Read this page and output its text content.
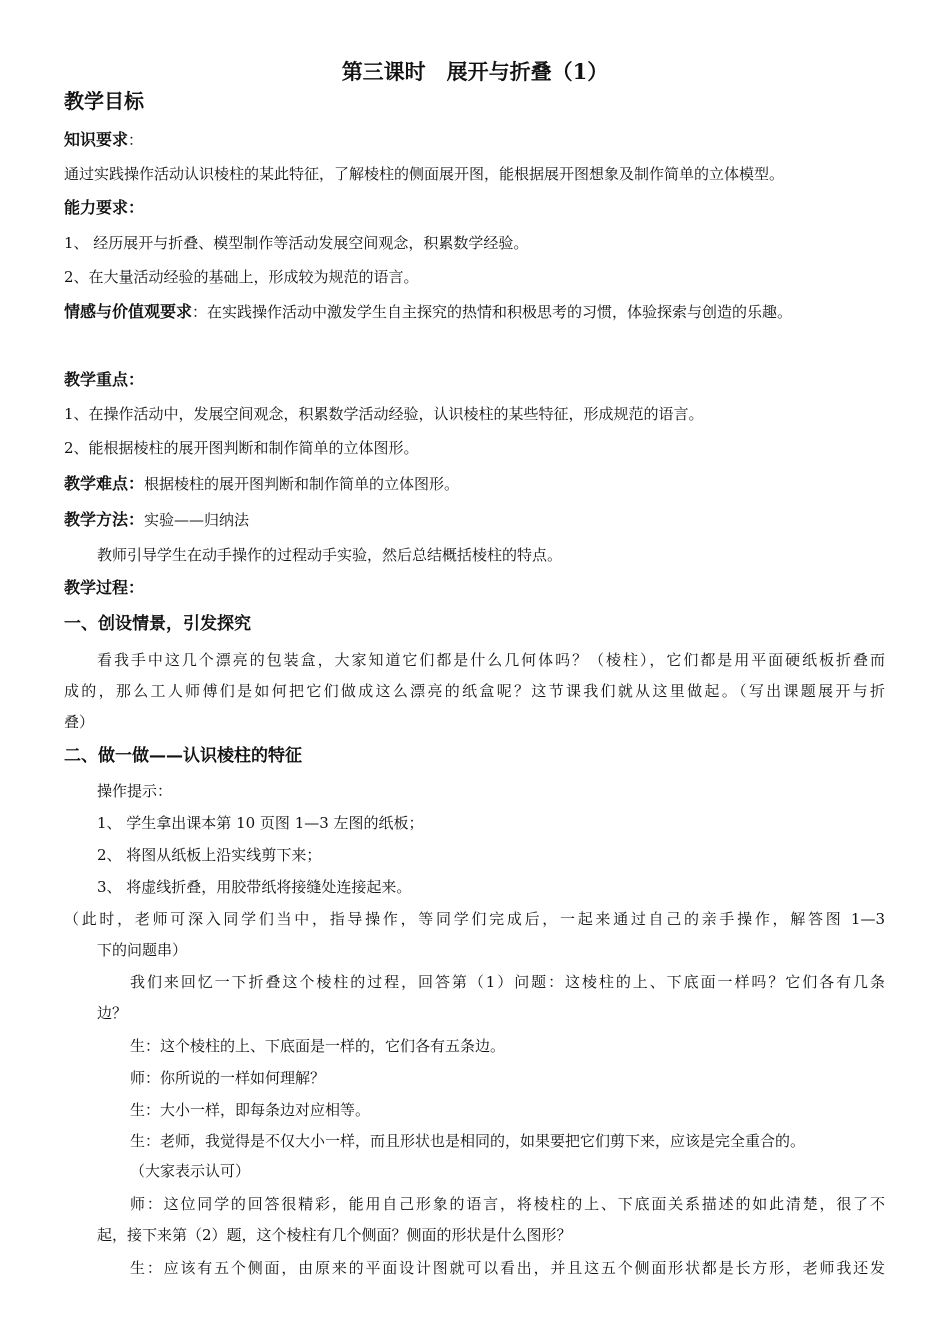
第三课时　展开与折叠（1）
教学目标
知识要求：
通过实践操作活动认识棱柱的某此特征，了解棱柱的侧面展开图，能根据展开图想象及制作简单的立体模型。
能力要求：
1、 经历展开与折叠、模型制作等活动发展空间观念，积累数学经验。
2、在大量活动经验的基础上，形成较为规范的语言。
情感与价值观要求：在实践操作活动中激发学生自主探究的热情和积极思考的习惯，体验探索与创造的乐趣。
教学重点：
1、在操作活动中，发展空间观念，积累数学活动经验，认识棱柱的某些特征，形成规范的语言。
2、能根据棱柱的展开图判断和制作简单的立体图形。
教学难点：根据棱柱的展开图判断和制作简单的立体图形。
教学方法：实验——归纳法
教师引导学生在动手操作的过程动手实验，然后总结概括棱柱的特点。
教学过程：
一、创设情景，引发探究
看我手中这几个漂亮的包装盒，大家知道它们都是什么几何体吗？（棱柱），它们都是用平面硬纸板折叠而
成的，那么工人师傅们是如何把它们做成这么漂亮的纸盒呢？这节课我们就从这里做起。（写出课题展开与折
叠）
二、做一做——认识棱柱的特征
操作提示：
1、 学生拿出课本第 10 页图 1—3 左图的纸板；
2、 将图从纸板上沿实线剪下来；
3、 将虚线折叠，用胶带纸将接缝处连接起来。
（此时，老师可深入同学们当中，指导操作，等同学们完成后，一起来通过自己的亲手操作，解答图 1—3
下的问题串）
我们来回忆一下折叠这个棱柱的过程，回答第（1）问题：这棱柱的上、下底面一样吗？它们各有几条
边？
生：这个棱柱的上、下底面是一样的，它们各有五条边。
师：你所说的一样如何理解？
生：大小一样，即每条边对应相等。
生：老师，我觉得是不仅大小一样，而且形状也是相同的，如果要把它们剪下来，应该是完全重合的。
（大家表示认可）
师：这位同学的回答很精彩，能用自己形象的语言，将棱柱的上、下底面关系描述的如此清楚，很了不
起，接下来第（2）题，这个棱柱有几个侧面？侧面的形状是什么图形？
生：应该有五个侧面，由原来的平面设计图就可以看出，并且这五个侧面形状都是长方形，老师我还发
